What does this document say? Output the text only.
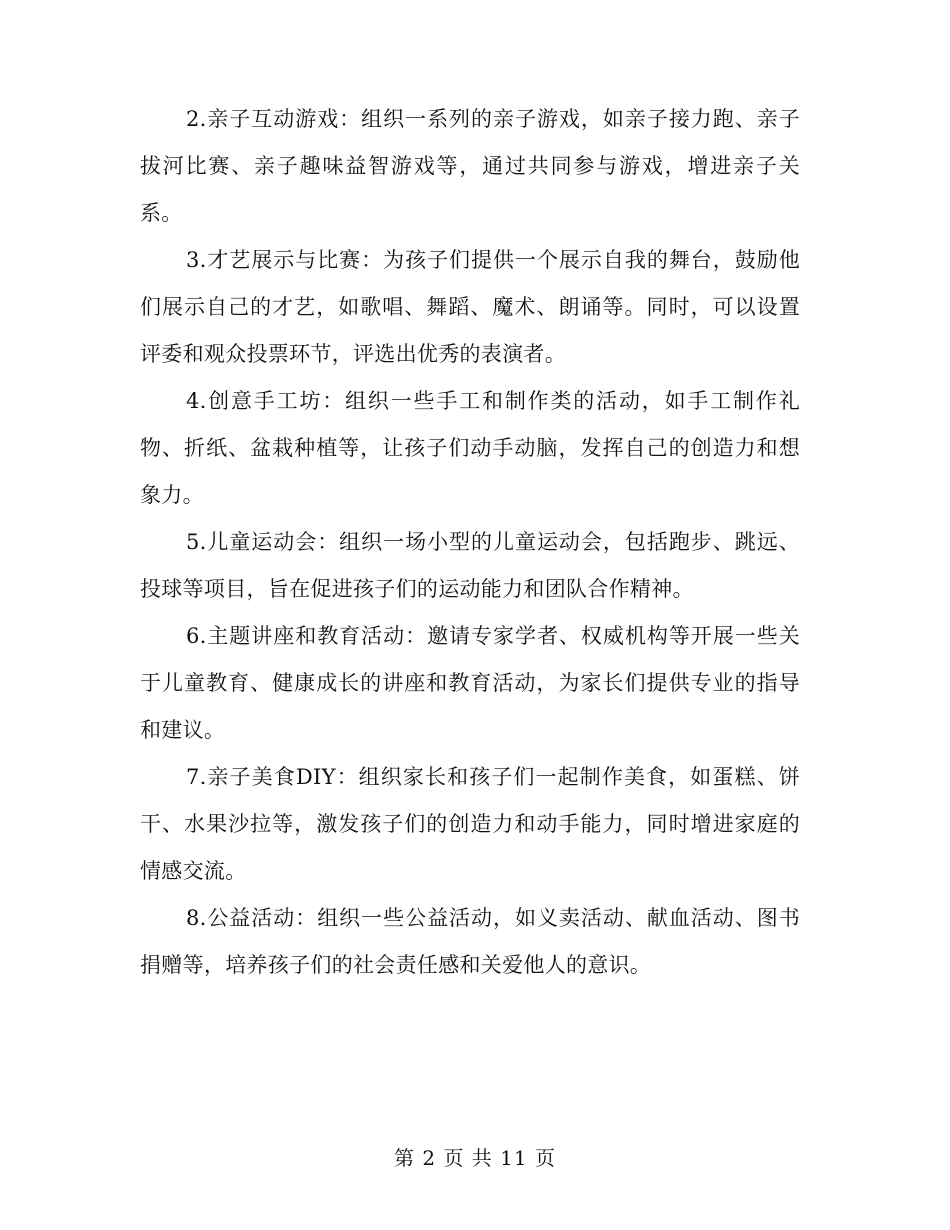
2.亲子互动游戏：组织一系列的亲子游戏，如亲子接力跑、亲子拔河比赛、亲子趣味益智游戏等，通过共同参与游戏，增进亲子关系。

3.才艺展示与比赛：为孩子们提供一个展示自我的舞台，鼓励他们展示自己的才艺，如歌唱、舞蹈、魔术、朗诵等。同时，可以设置评委和观众投票环节，评选出优秀的表演者。

4.创意手工坊：组织一些手工和制作类的活动，如手工制作礼物、折纸、盆栽种植等，让孩子们动手动脑，发挥自己的创造力和想象力。

5.儿童运动会：组织一场小型的儿童运动会，包括跑步、跳远、投球等项目，旨在促进孩子们的运动能力和团队合作精神。

6.主题讲座和教育活动：邀请专家学者、权威机构等开展一些关于儿童教育、健康成长的讲座和教育活动，为家长们提供专业的指导和建议。

7.亲子美食DIY：组织家长和孩子们一起制作美食，如蛋糕、饼干、水果沙拉等，激发孩子们的创造力和动手能力，同时增进家庭的情感交流。

8.公益活动：组织一些公益活动，如义卖活动、献血活动、图书捐赠等，培养孩子们的社会责任感和关爱他人的意识。

第 2 页 共 11 页
